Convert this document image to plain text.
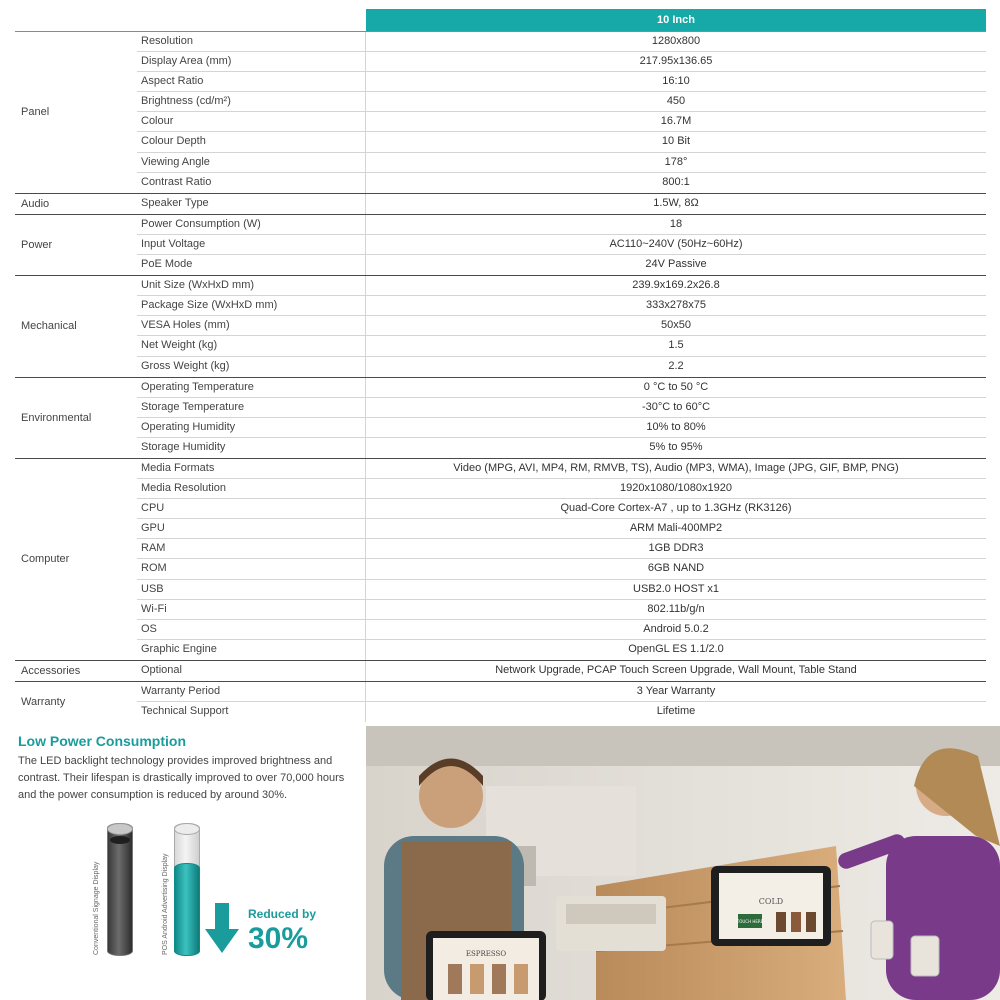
10 Inch
Panel
Resolution	1280x800
Display Area (mm)	217.95x136.65
Aspect Ratio	16:10
Brightness (cd/m²)	450
Colour	16.7M
Colour Depth	10 Bit
Viewing Angle	178°
Contrast Ratio	800:1
Audio	Speaker Type	1.5W, 8Ω
Power
Power Consumption (W)	18
Input Voltage	AC110~240V (50Hz~60Hz)
PoE Mode	24V Passive
Mechanical
Unit Size (WxHxD mm)	239.9x169.2x26.8
Package Size (WxHxD mm)	333x278x75
VESA Holes (mm)	50x50
Net Weight (kg)	1.5
Gross Weight (kg)	2.2
Environmental
Operating Temperature	0 °C to 50 °C
Storage Temperature	-30°C to 60°C
Operating Humidity	10% to 80%
Storage Humidity	5% to 95%
Computer
Media Formats	Video (MPG, AVI, MP4, RM, RMVB, TS), Audio (MP3, WMA), Image (JPG, GIF, BMP, PNG)
Media Resolution	1920x1080/1080x1920
CPU	Quad-Core Cortex-A7 , up to 1.3GHz (RK3126)
GPU	ARM Mali-400MP2
RAM	1GB DDR3
ROM	6GB NAND
USB	USB2.0 HOST x1
Wi-Fi	802.11b/g/n
OS	Android 5.0.2
Graphic Engine	OpenGL ES 1.1/2.0
Accessories	Optional	Network Upgrade, PCAP Touch Screen Upgrade, Wall Mount, Table Stand
Warranty
Warranty Period	3 Year Warranty
Technical Support	Lifetime
Low Power Consumption
The LED backlight technology provides improved brightness and contrast. Their lifespan is drastically improved to over 70,000 hours and the power consumption is reduced by around 30%.
Conventional Signage Display	POS Android Advertising Display	Reduced by
30%
COLD
TOUCH HERE
ESPRESSO
